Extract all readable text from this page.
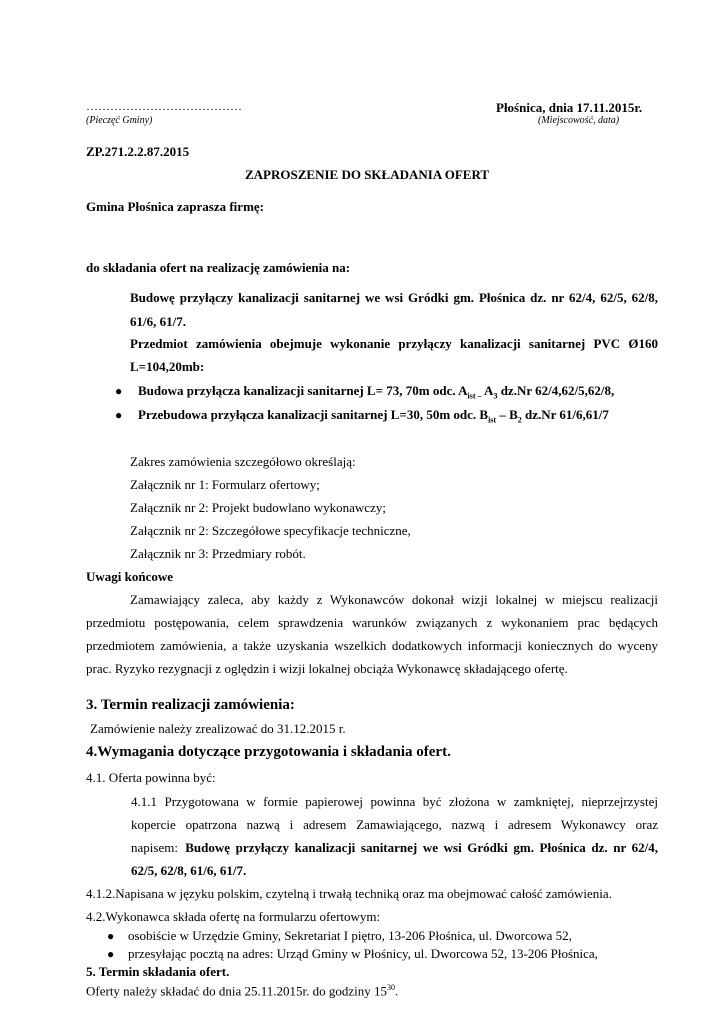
…………………………………
(Pieczęć Gminy)
Płośnica, dnia 17.11.2015r.
(Miejscowość, data)
ZP.271.2.2.87.2015
ZAPROSZENIE DO SKŁADANIA OFERT
Gmina Płośnica zaprasza firmę:
do składania ofert na realizację zamówienia na:
Budowę przyłączy kanalizacji sanitarnej we wsi Gródki gm. Płośnica dz. nr 62/4, 62/5, 62/8,
61/6, 61/7.
Przedmiot zamówienia obejmuje wykonanie przyłączy kanalizacji sanitarnej PVC Ø160
L=104,20mb:
● Budowa przyłącza kanalizacji sanitarnej L= 73, 70m odc. $A_{ist -}$ $A_3$ dz.Nr 62/4,62/5,62/8,
● Przebudowa przyłącza kanalizacji sanitarnej L=30, 50m odc. $B_{ist} - B_2$ dz.Nr 61/6,61/7
Zakres zamówienia szczegółowo określają:
Załącznik nr 1: Formularz ofertowy;
Załącznik nr 2: Projekt budowlano wykonawczy;
Załącznik nr 2: Szczegółowe specyfikacje techniczne,
Załącznik nr 3: Przedmiary robót.
Uwagi końcowe
Zamawiający zaleca, aby każdy z Wykonawców dokonał wizji lokalnej w miejscu realizacji
przedmiotu postępowania, celem sprawdzenia warunków związanych z wykonaniem prac będących
przedmiotem zamówienia, a także uzyskania wszelkich dodatkowych informacji koniecznych do wyceny
prac. Ryzyko rezygnacji z oględzin i wizji lokalnej obciąża Wykonawcę składającego ofertę.
3. Termin realizacji zamówienia:
Zamówienie należy zrealizować do 31.12.2015 r.
4.Wymagania dotyczące przygotowania i składania ofert.
4.1. Oferta powinna być:
4.1.1 Przygotowana w formie papierowej powinna być złożona w zamkniętej, nieprzejrzystej
kopercie opatrzona nazwą i adresem Zamawiającego, nazwą i adresem Wykonawcy oraz
napisem: Budowę przyłączy kanalizacji sanitarnej we wsi Gródki gm. Płośnica dz. nr 62/4,
62/5, 62/8, 61/6, 61/7.
4.1.2.Napisana w języku polskim, czytelną i trwałą techniką oraz ma obejmować całość zamówienia.
4.2.Wykonawca składa ofertę na formularzu ofertowym:
● osobiście w Urzędzie Gminy, Sekretariat I piętro, 13-206 Płośnica, ul. Dworcowa 52,
● przesyłając pocztą na adres: Urząd Gminy w Płośnicy, ul. Dworcowa 52, 13-206 Płośnica,
5. Termin składania ofert.
Oferty należy składać do dnia 25.11.2015r. do godziny $15^{30}$.
